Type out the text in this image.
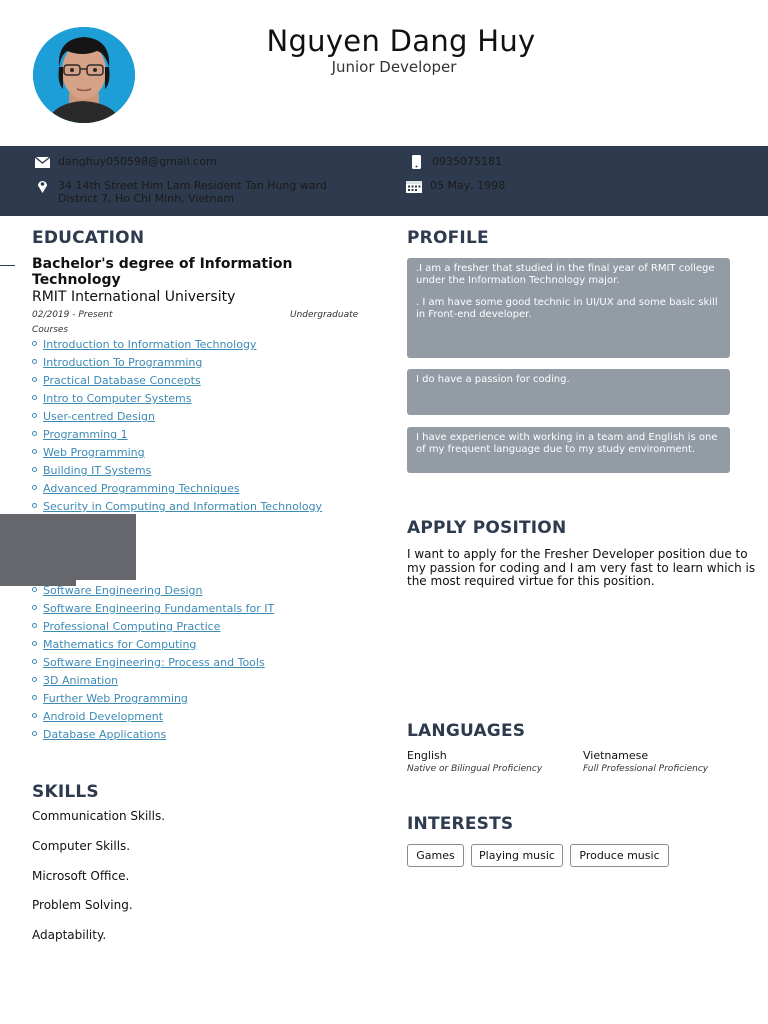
Nguyen Dang Huy
Junior Developer
danghuy050598@gmail.com	0935075181
34 14th Street Him Lam Resident Tan Hung ward
District 7, Ho Chi Minh, Vietnam
05 May, 1998
EDUCATION
Bachelor's degree of Information Technology
RMIT International University
02/2019 - Present	Undergraduate
Courses
Introduction to Information Technology
Introduction To Programming
Practical Database Concepts
Intro to Computer Systems
User-centred Design
Programming 1
Web Programming
Building IT Systems
Advanced Programming Techniques
Security in Computing and Information Technology
Software Engineering Design
Software Engineering Fundamentals for IT
Professional Computing Practice
Mathematics for Computing
Software Engineering: Process and Tools
3D Animation
Further Web Programming
Android Development
Database Applications
SKILLS
Communication Skills.
Computer Skills.
Microsoft Office.
Problem Solving.
Adaptability.
PROFILE

.I am a fresher that studied in the final year of RMIT college under the Information Technology major.

. I am have some good technic in UI/UX and some basic skill in Front-end developer.

I do have a passion for coding.

I have experience with working in a team and English is one of my frequent language due to my study environment.

APPLY POSITION
I want to apply for the Fresher Developer position due to my passion for coding and I am very fast to learn which is the most required virtue for this position.
LANGUAGES
English
Native or Bilingual Proficiency
Vietnamese
Full Professional Proficiency
INTERESTS
Games	Playing music	Produce music
